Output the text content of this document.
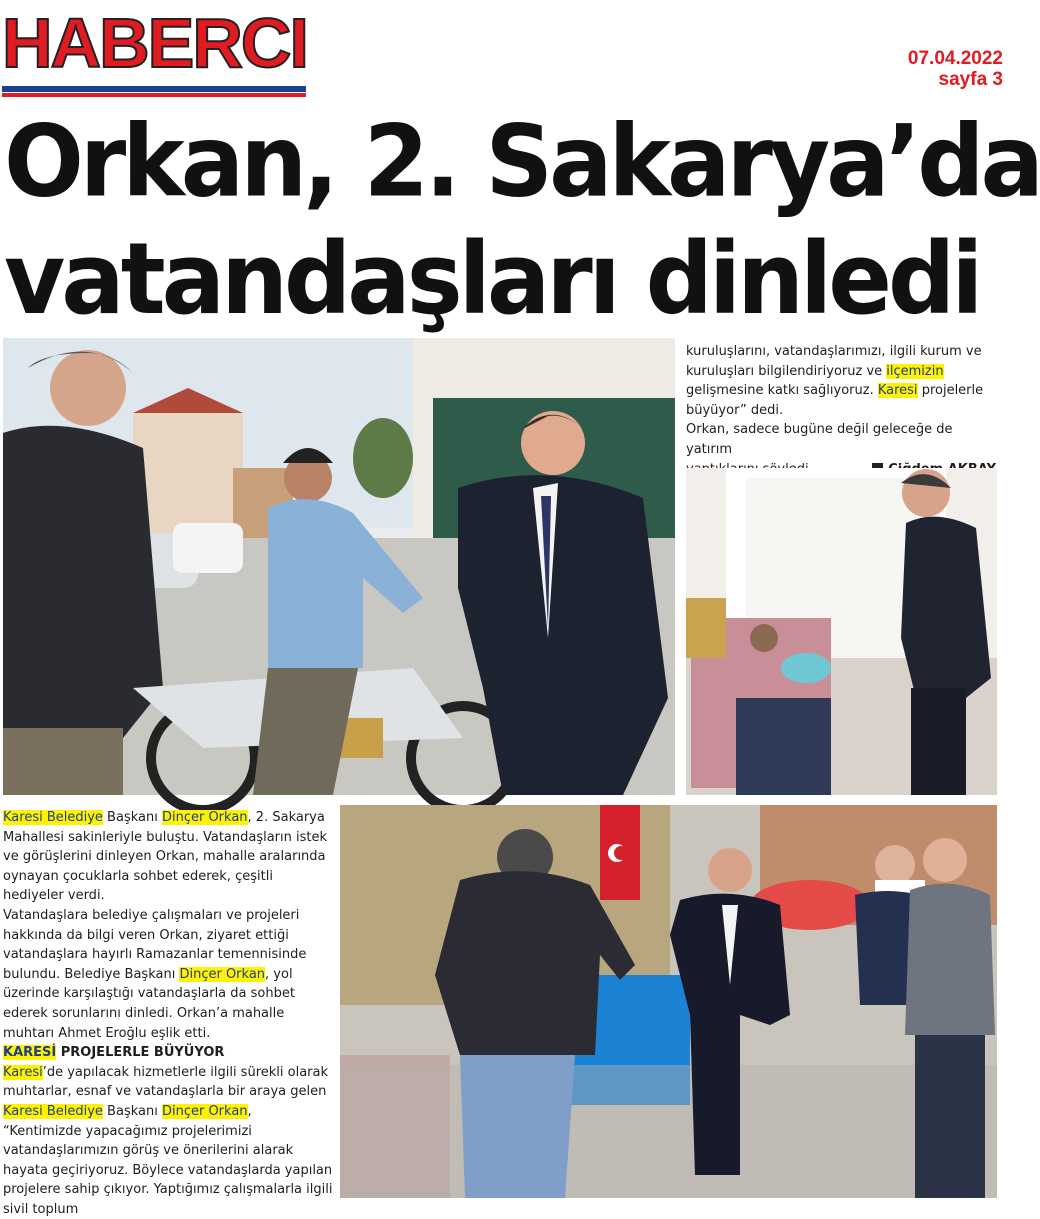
HABERCI	07.04.2022
sayfa 3
Orkan, 2. Sakarya’da
vatandaşları dinledi

kuruluşlarını, vatandaşlarımızı, ilgili kurum ve

kuruluşları bilgilendiriyoruz ve ilçemizin

gelişmesine katkı sağlıyoruz. Karesi projelerle

büyüyor” dedi.

Orkan, sadece bugüne değil geleceğe de yatırım

Karesi Belediye Başkanı Dinçer Orkan, 2. Sakarya Mahallesi sakinleriyle buluştu. Vatandaşların istek ve görüşlerini dinleyen Orkan, mahalle aralarında oynayan çocuklarla sohbet ederek, çeşitli hediyeler verdi.

Vatandaşlara belediye çalışmaları ve projeleri hakkında da bilgi veren Orkan, ziyaret ettiği vatandaşlara hayırlı Ramazanlar temennisinde bulundu. Belediye Başkanı Dinçer Orkan, yol üzerinde karşılaştığı vatandaşlarla da sohbet ederek sorunlarını dinledi. Orkan’a mahalle muhtarı Ahmet Eroğlu eşlik etti.

KARESİ PROJELERLE BÜYÜYOR

Karesi’de yapılacak hizmetlerle ilgili sürekli olarak muhtarlar, esnaf ve vatandaşlarla bir araya gelen Karesi Belediye Başkanı Dinçer Orkan, “Kentimizde yapacağımız projelerimizi vatandaşlarımızın görüş ve önerilerini alarak hayata geçiriyoruz. Böylece vatandaşlarda yapılan projelere sahip çıkıyor. Yaptığımız çalışmalarla ilgili sivil toplum
